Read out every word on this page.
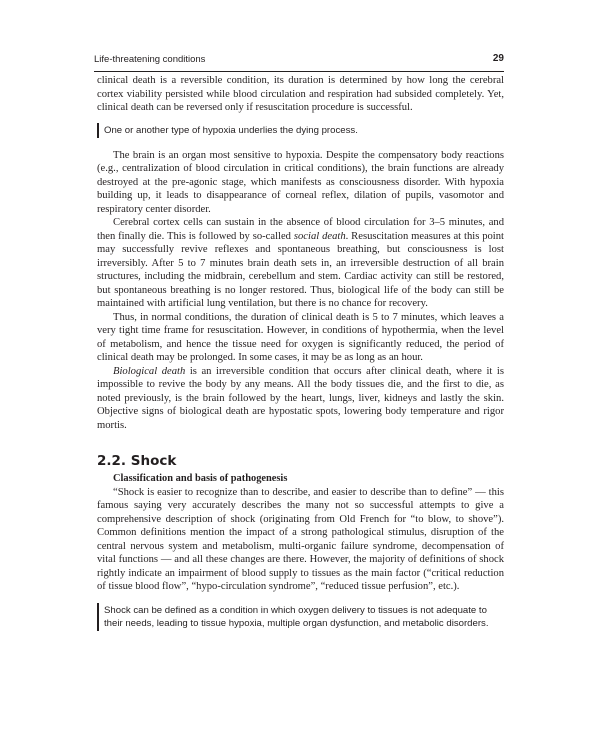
Life-threatening conditions	29

clinical death is a reversible condition, its duration is determined by how long the cerebral cortex viability persisted while blood circulation and respiration had subsided completely. Yet, clinical death can be reversed only if resuscitation procedure is successful.

One or another type of hypoxia underlies the dying process.

The brain is an organ most sensitive to hypoxia. Despite the compensatory body reactions (e.g., centralization of blood circulation in critical conditions), the brain functions are already destroyed at the pre-agonic stage, which manifests as consciousness disorder. With hypoxia building up, it leads to disappearance of corneal reflex, dilation of pupils, vasomotor and respiratory center disorder.

Cerebral cortex cells can sustain in the absence of blood circulation for 3–5 minutes, and then finally die. This is followed by so-called social death. Resuscitation measures at this point may successfully revive reflexes and spontaneous breathing, but consciousness is lost irreversibly. After 5 to 7 minutes brain death sets in, an irreversible destruction of all brain structures, including the midbrain, cerebellum and stem. Cardiac activity can still be restored, but spontaneous breathing is no longer restored. Thus, biological life of the body can still be maintained with artificial lung ventilation, but there is no chance for recovery.

Thus, in normal conditions, the duration of clinical death is 5 to 7 minutes, which leaves a very tight time frame for resuscitation. However, in conditions of hypothermia, when the level of metabolism, and hence the tissue need for oxygen is significantly reduced, the period of clinical death may be prolonged. In some cases, it may be as long as an hour.

Biological death is an irreversible condition that occurs after clinical death, where it is impossible to revive the body by any means. All the body tissues die, and the first to die, as noted previously, is the brain followed by the heart, lungs, liver, kidneys and lastly the skin. Objective signs of biological death are hypostatic spots, lowering body temperature and rigor mortis.

2.2. Shock
Classification and basis of pathogenesis

“Shock is easier to recognize than to describe, and easier to describe than to define” — this famous saying very accurately describes the many not so successful attempts to give a comprehensive description of shock (originating from Old French for “to blow, to shove”). Common definitions mention the impact of a strong pathological stimulus, disruption of the central nervous system and metabolism, multi-organic failure syndrome, decompensation of vital functions — and all these changes are there. However, the majority of definitions of shock rightly indicate an impairment of blood supply to tissues as the main factor (“critical reduction of tissue blood flow”, “hypo-circulation syndrome”, “reduced tissue perfusion”, etc.).

Shock can be defined as a condition in which oxygen delivery to tissues is not adequate to their needs, leading to tissue hypoxia, multiple organ dysfunction, and metabolic disorders.
